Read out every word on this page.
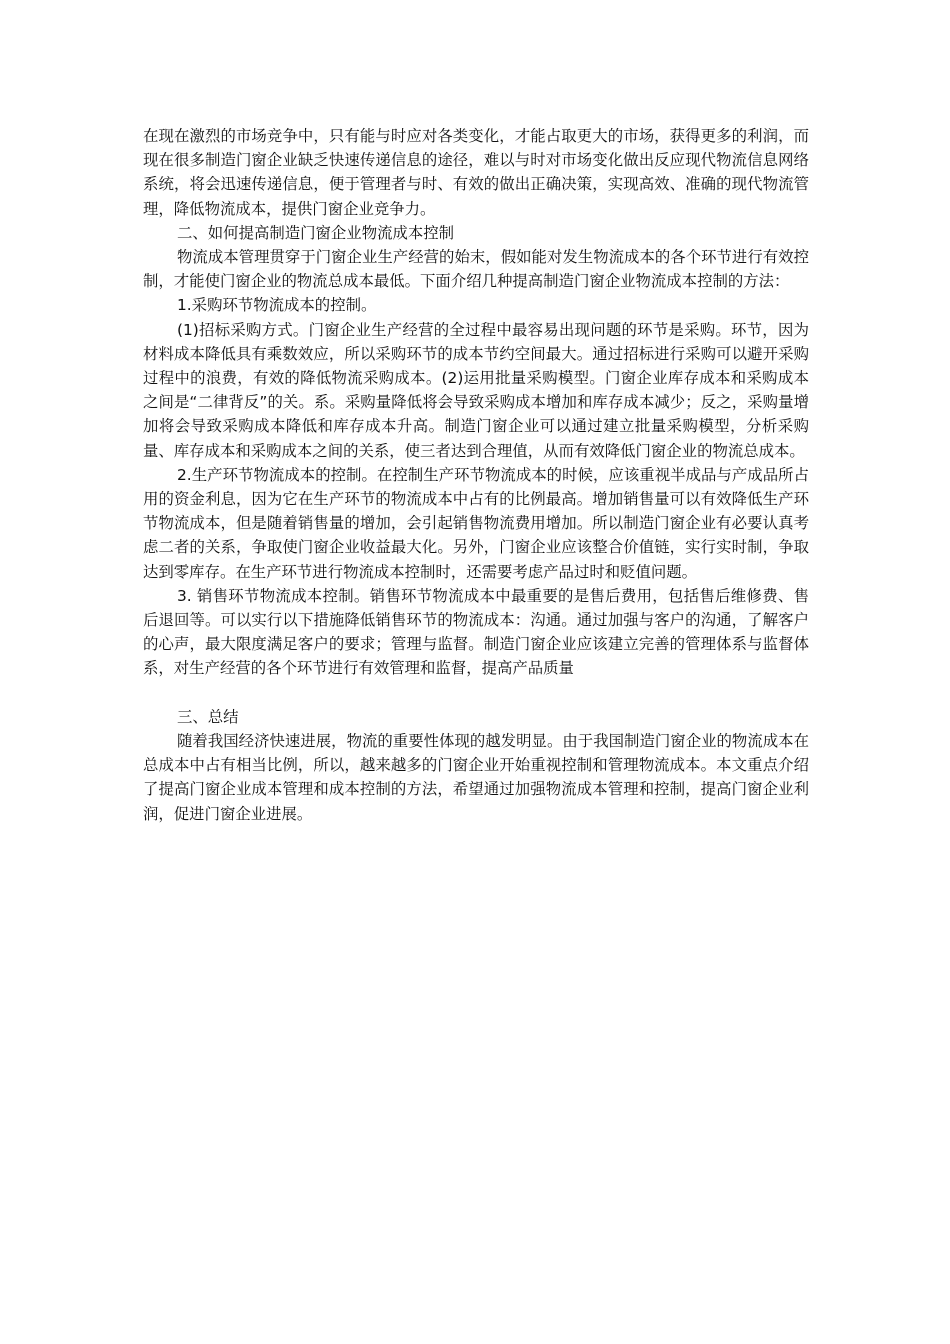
在现在激烈的市场竞争中，只有能与时应对各类变化，才能占取更大的市场，获得更多的利润，而现在很多制造门窗企业缺乏快速传递信息的途径，难以与时对市场变化做出反应现代物流信息网络系统，将会迅速传递信息，便于管理者与时、有效的做出正确决策，实现高效、准确的现代物流管理，降低物流成本，提供门窗企业竞争力。

二、如何提高制造门窗企业物流成本控制

物流成本管理贯穿于门窗企业生产经营的始末，假如能对发生物流成本的各个环节进行有效控制，才能使门窗企业的物流总成本最低。下面介绍几种提高制造门窗企业物流成本控制的方法：

1.采购环节物流成本的控制。

(1)招标采购方式。门窗企业生产经营的全过程中最容易出现问题的环节是采购。环节，因为材料成本降低具有乘数效应，所以采购环节的成本节约空间最大。通过招标进行采购可以避开采购过程中的浪费，有效的降低物流采购成本。(2)运用批量采购模型。门窗企业库存成本和采购成本之间是“二律背反”的关。系。采购量降低将会导致采购成本增加和库存成本减少；反之，采购量增加将会导致采购成本降低和库存成本升高。制造门窗企业可以通过建立批量采购模型，分析采购量、库存成本和采购成本之间的关系，使三者达到合理值，从而有效降低门窗企业的物流总成本。

2.生产环节物流成本的控制。在控制生产环节物流成本的时候，应该重视半成品与产成品所占用的资金利息，因为它在生产环节的物流成本中占有的比例最高。增加销售量可以有效降低生产环节物流成本，但是随着销售量的增加，会引起销售物流费用增加。所以制造门窗企业有必要认真考虑二者的关系，争取使门窗企业收益最大化。另外，门窗企业应该整合价值链，实行实时制，争取达到零库存。在生产环节进行物流成本控制时，还需要考虑产品过时和贬值问题。

3. 销售环节物流成本控制。销售环节物流成本中最重要的是售后费用，包括售后维修费、售后退回等。可以实行以下措施降低销售环节的物流成本：沟通。通过加强与客户的沟通，了解客户的心声，最大限度满足客户的要求；管理与监督。制造门窗企业应该建立完善的管理体系与监督体系，对生产经营的各个环节进行有效管理和监督，提高产品质量

三、总结

随着我国经济快速进展，物流的重要性体现的越发明显。由于我国制造门窗企业的物流成本在总成本中占有相当比例，所以，越来越多的门窗企业开始重视控制和管理物流成本。本文重点介绍了提高门窗企业成本管理和成本控制的方法，希望通过加强物流成本管理和控制，提高门窗企业利润，促进门窗企业进展。
